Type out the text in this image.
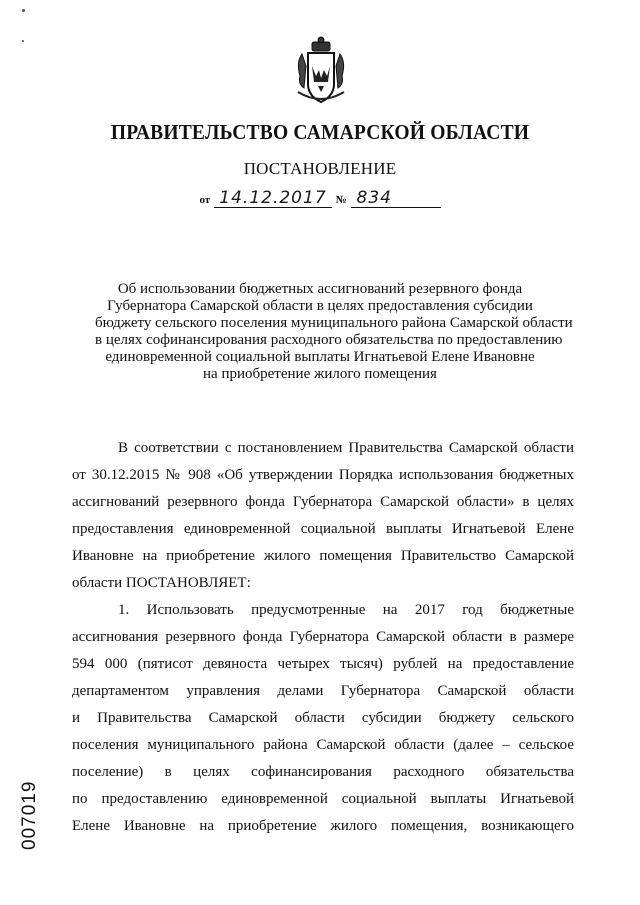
ПРАВИТЕЛЬСТВО САМАРСКОЙ ОБЛАСТИ
ПОСТАНОВЛЕНИЕ
от 14.12.2017 № 834
Об использовании бюджетных ассигнований резервного фонда
Губернатора Самарской области в целях предоставления субсидии
бюджету сельского поселения муниципального района Самарской области
в целях софинансирования расходного обязательства по предоставлению
единовременной социальной выплаты Игнатьевой Елене Ивановне
на приобретение жилого помещения
В соответствии с постановлением Правительства Самарской области
от 30.12.2015 № 908 «Об утверждении Порядка использования бюджетных
ассигнований резервного фонда Губернатора Самарской области» в целях
предоставления единовременной социальной выплаты Игнатьевой Елене
Ивановне на приобретение жилого помещения Правительство Самарской
области ПОСТАНОВЛЯЕТ:
1. Использовать предусмотренные на 2017 год бюджетные
ассигнования резервного фонда Губернатора Самарской области в размере
594 000 (пятисот девяноста четырех тысяч) рублей на предоставление
департаментом управления делами Губернатора Самарской области
и Правительства Самарской области субсидии бюджету сельского
поселения муниципального района Самарской области (далее – сельское
поселение) в целях софинансирования расходного обязательства
по предоставлению единовременной социальной выплаты Игнатьевой
Елене Ивановне на приобретение жилого помещения, возникающего
007019
